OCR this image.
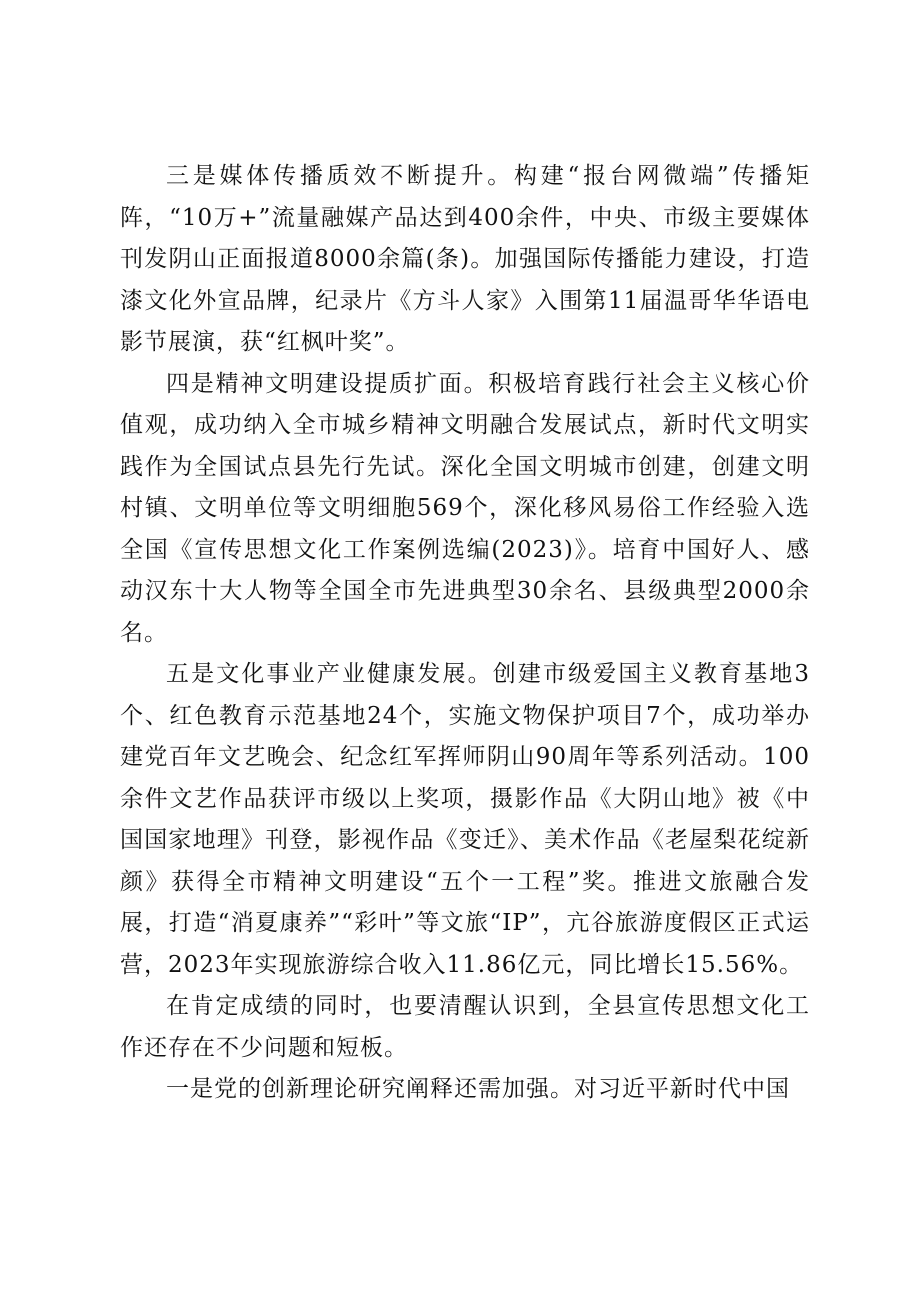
三是媒体传播质效不断提升。构建“报台网微端”传播矩阵，“10万+”流量融媒产品达到400余件，中央、市级主要媒体刊发阴山正面报道8000余篇(条)。加强国际传播能力建设，打造漆文化外宣品牌，纪录片《方斗人家》入围第11届温哥华华语电影节展演，获“红枫叶奖”。

四是精神文明建设提质扩面。积极培育践行社会主义核心价值观，成功纳入全市城乡精神文明融合发展试点，新时代文明实践作为全国试点县先行先试。深化全国文明城市创建，创建文明村镇、文明单位等文明细胞569个，深化移风易俗工作经验入选全国《宣传思想文化工作案例选编(2023)》。培育中国好人、感动汉东十大人物等全国全市先进典型30余名、县级典型2000余名。

五是文化事业产业健康发展。创建市级爱国主义教育基地3个、红色教育示范基地24个，实施文物保护项目7个，成功举办建党百年文艺晚会、纪念红军挥师阴山90周年等系列活动。100余件文艺作品获评市级以上奖项，摄影作品《大阴山地》被《中国国家地理》刊登，影视作品《变迁》、美术作品《老屋梨花绽新颜》获得全市精神文明建设“五个一工程”奖。推进文旅融合发展，打造“消夏康养”“彩叶”等文旅“IP”，亢谷旅游度假区正式运营，2023年实现旅游综合收入11.86亿元，同比增长15.56%。

在肯定成绩的同时，也要清醒认识到，全县宣传思想文化工作还存在不少问题和短板。

一是党的创新理论研究阐释还需加强。对习近平新时代中国
